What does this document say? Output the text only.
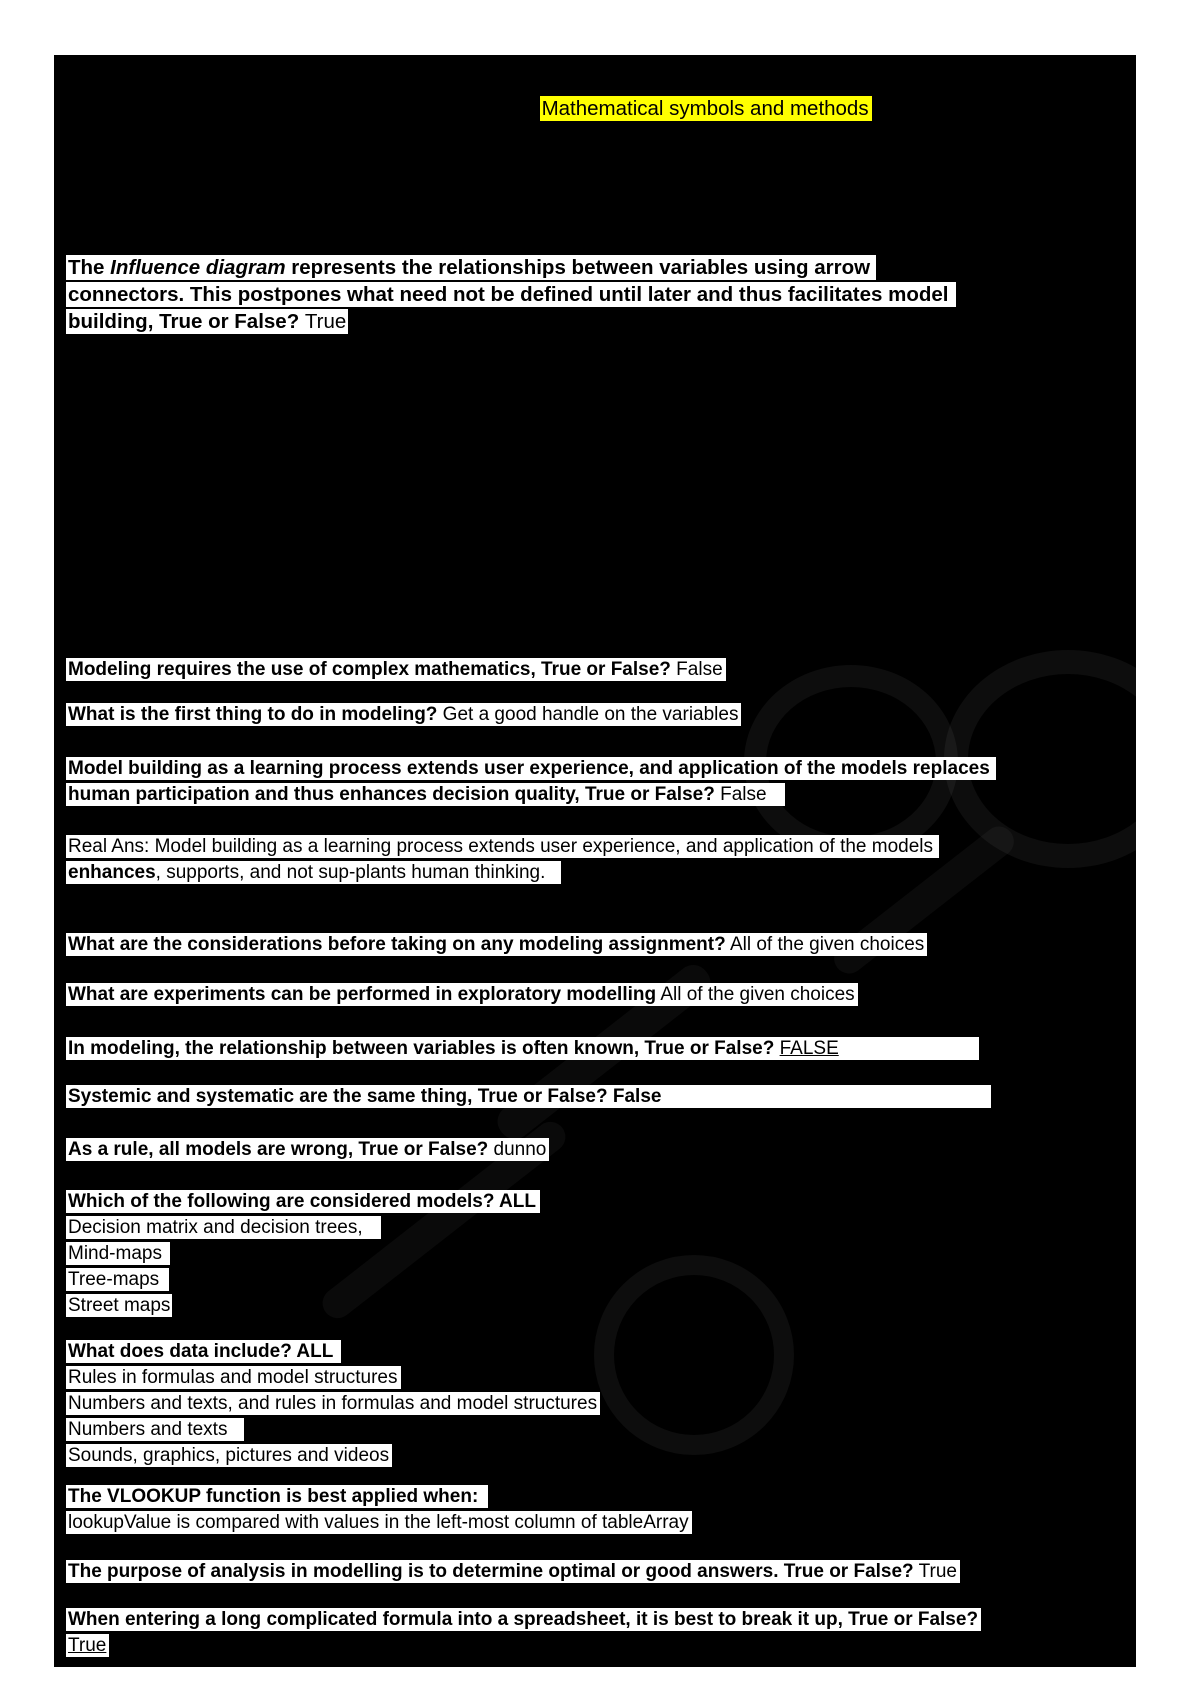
Mathematical symbols and methods

The Influence diagram represents the relationships between variables using arrow
connectors. This postpones what need not be defined until later and thus facilitates model
building, True or False? True
Modeling requires the use of complex mathematics, True or False? False
What is the first thing to do in modeling? Get a good handle on the variables
Model building as a learning process extends user experience, and application of the models replaces
human participation and thus enhances decision quality, True or False? False
Real Ans: Model building as a learning process extends user experience, and application of the models
enhances, supports, and not sup-plants human thinking.
What are the considerations before taking on any modeling assignment? All of the given choices
What are experiments can be performed in exploratory modelling All of the given choices
In modeling, the relationship between variables is often known, True or False? FALSE
Systemic and systematic are the same thing, True or False? False
As a rule, all models are wrong, True or False? dunno
Which of the following are considered models? ALL
Decision matrix and decision trees,
Mind-maps
Tree-maps
Street maps
What does data include? ALL
Rules in formulas and model structures
Numbers and texts, and rules in formulas and model structures
Numbers and texts
Sounds, graphics, pictures and videos
The VLOOKUP function is best applied when:
lookupValue is compared with values in the left-most column of tableArray
The purpose of analysis in modelling is to determine optimal or good answers. True or False? True
When entering a long complicated formula into a spreadsheet, it is best to break it up, True or False?
True
